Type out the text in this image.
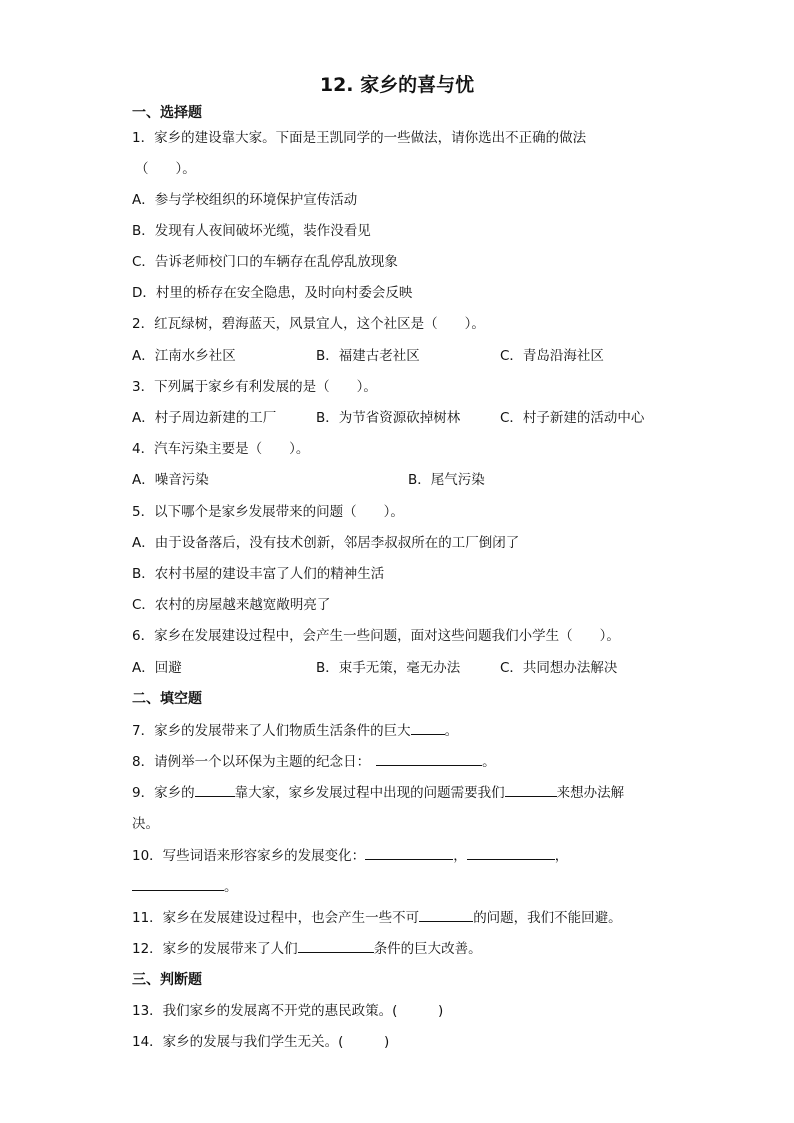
12. 家乡的喜与忧
一、选择题
1．家乡的建设靠大家。下面是王凯同学的一些做法，请你选出不正确的做法
（　　）。
A．参与学校组织的环境保护宣传活动
B．发现有人夜间破坏光缆，装作没看见
C．告诉老师校门口的车辆存在乱停乱放现象
D．村里的桥存在安全隐患，及时向村委会反映
2．红瓦绿树，碧海蓝天，风景宜人，这个社区是（　　）。
A．江南水乡社区	B．福建古老社区	C．青岛沿海社区
3．下列属于家乡有利发展的是（　　）。
A．村子周边新建的工厂	B．为节省资源砍掉树林	C．村子新建的活动中心
4．汽车污染主要是（　　）。
A．噪音污染	B．尾气污染
5．以下哪个是家乡发展带来的问题（　　）。
A．由于设备落后，没有技术创新，邻居李叔叔所在的工厂倒闭了
B．农村书屋的建设丰富了人们的精神生活
C．农村的房屋越来越宽敞明亮了
6．家乡在发展建设过程中，会产生一些问题，面对这些问题我们小学生（　　）。
A．回避	B．束手无策，毫无办法	C．共同想办法解决
二、填空题
7．家乡的发展带来了人们物质生活条件的巨大	。
8．请例举一个以环保为主题的纪念日：	。
9．家乡的	靠大家，家乡发展过程中出现的问题需要我们	来想办法解
决。
10．写些词语来形容家乡的发展变化：	，	，
。
11．家乡在发展建设过程中，也会产生一些不可	的问题，我们不能回避。
12．家乡的发展带来了人们	条件的巨大改善。
三、判断题
13．我们家乡的发展离不开党的惠民政策。(　　　)
14．家乡的发展与我们学生无关。(　　　)
